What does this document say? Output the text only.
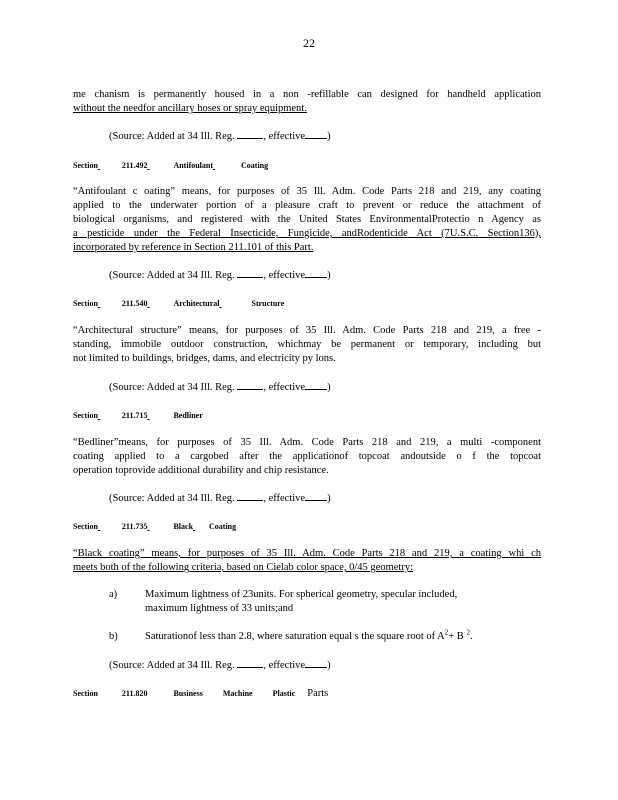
22
me chanism is permanently housed in a non -refillable can designed for handheld application
without the needfor ancillary hoses or spray equipment.
(Source: Added at 34 Ill. Reg.	, effective )
Section	211.492	Antifoulant	Coating
“Antifoulant c oating” means, for purposes of 35 Ill. Adm. Code Parts 218 and 219, any coating
applied to the underwater portion of a pleasure craft to prevent or reduce the attachment of
biological organisms, and registered with the United States EnvironmentalProtectio n Agency as
a pesticide under the Federal Insecticide, Fungicide, andRodenticide Act (7U.S.C. Section136),
incorporated by reference in Section 211.101 of this Part.
(Source: Added at 34 Ill. Reg.	, effective )
Section	211.540	Architectural	Structure
“Architectural structure” means, for purposes of 35 Ill. Adm. Code Parts 218 and 219, a free -
standing, immobile outdoor construction, whichmay be permanent or temporary, including but
not limited to buildings, bridges, dams, and electricity py lons.
(Source: Added at 34 Ill. Reg.	, effective )
Section	211.715	Bedliner
“Bedliner”means, for purposes of 35 Ill. Adm. Code Parts 218 and 219, a multi -component
coating applied to a cargobed after the applicationof topcoat andoutside o f the topcoat
operation toprovide additional durability and chip resistance.
(Source: Added at 34 Ill. Reg.	, effective )
Section	211.735	Black Coating
“Black coating” means, for purposes of 35 Ill. Adm. Code Parts 218 and 219, a coating whi ch
meets both of the following criteria, based on Cielab color space, 0/45 geometry:
a)	Maximum lightness of 23units. For spherical geometry, specular included,
maximum lightness of 33 units;and
b)	Saturationof less than 2.8, where saturation equal s the square root of $A^2+ B$ $^2$.
(Source: Added at 34 Ill. Reg.	, effective )
Section	211.820	Business	Machine	Plastic Parts
